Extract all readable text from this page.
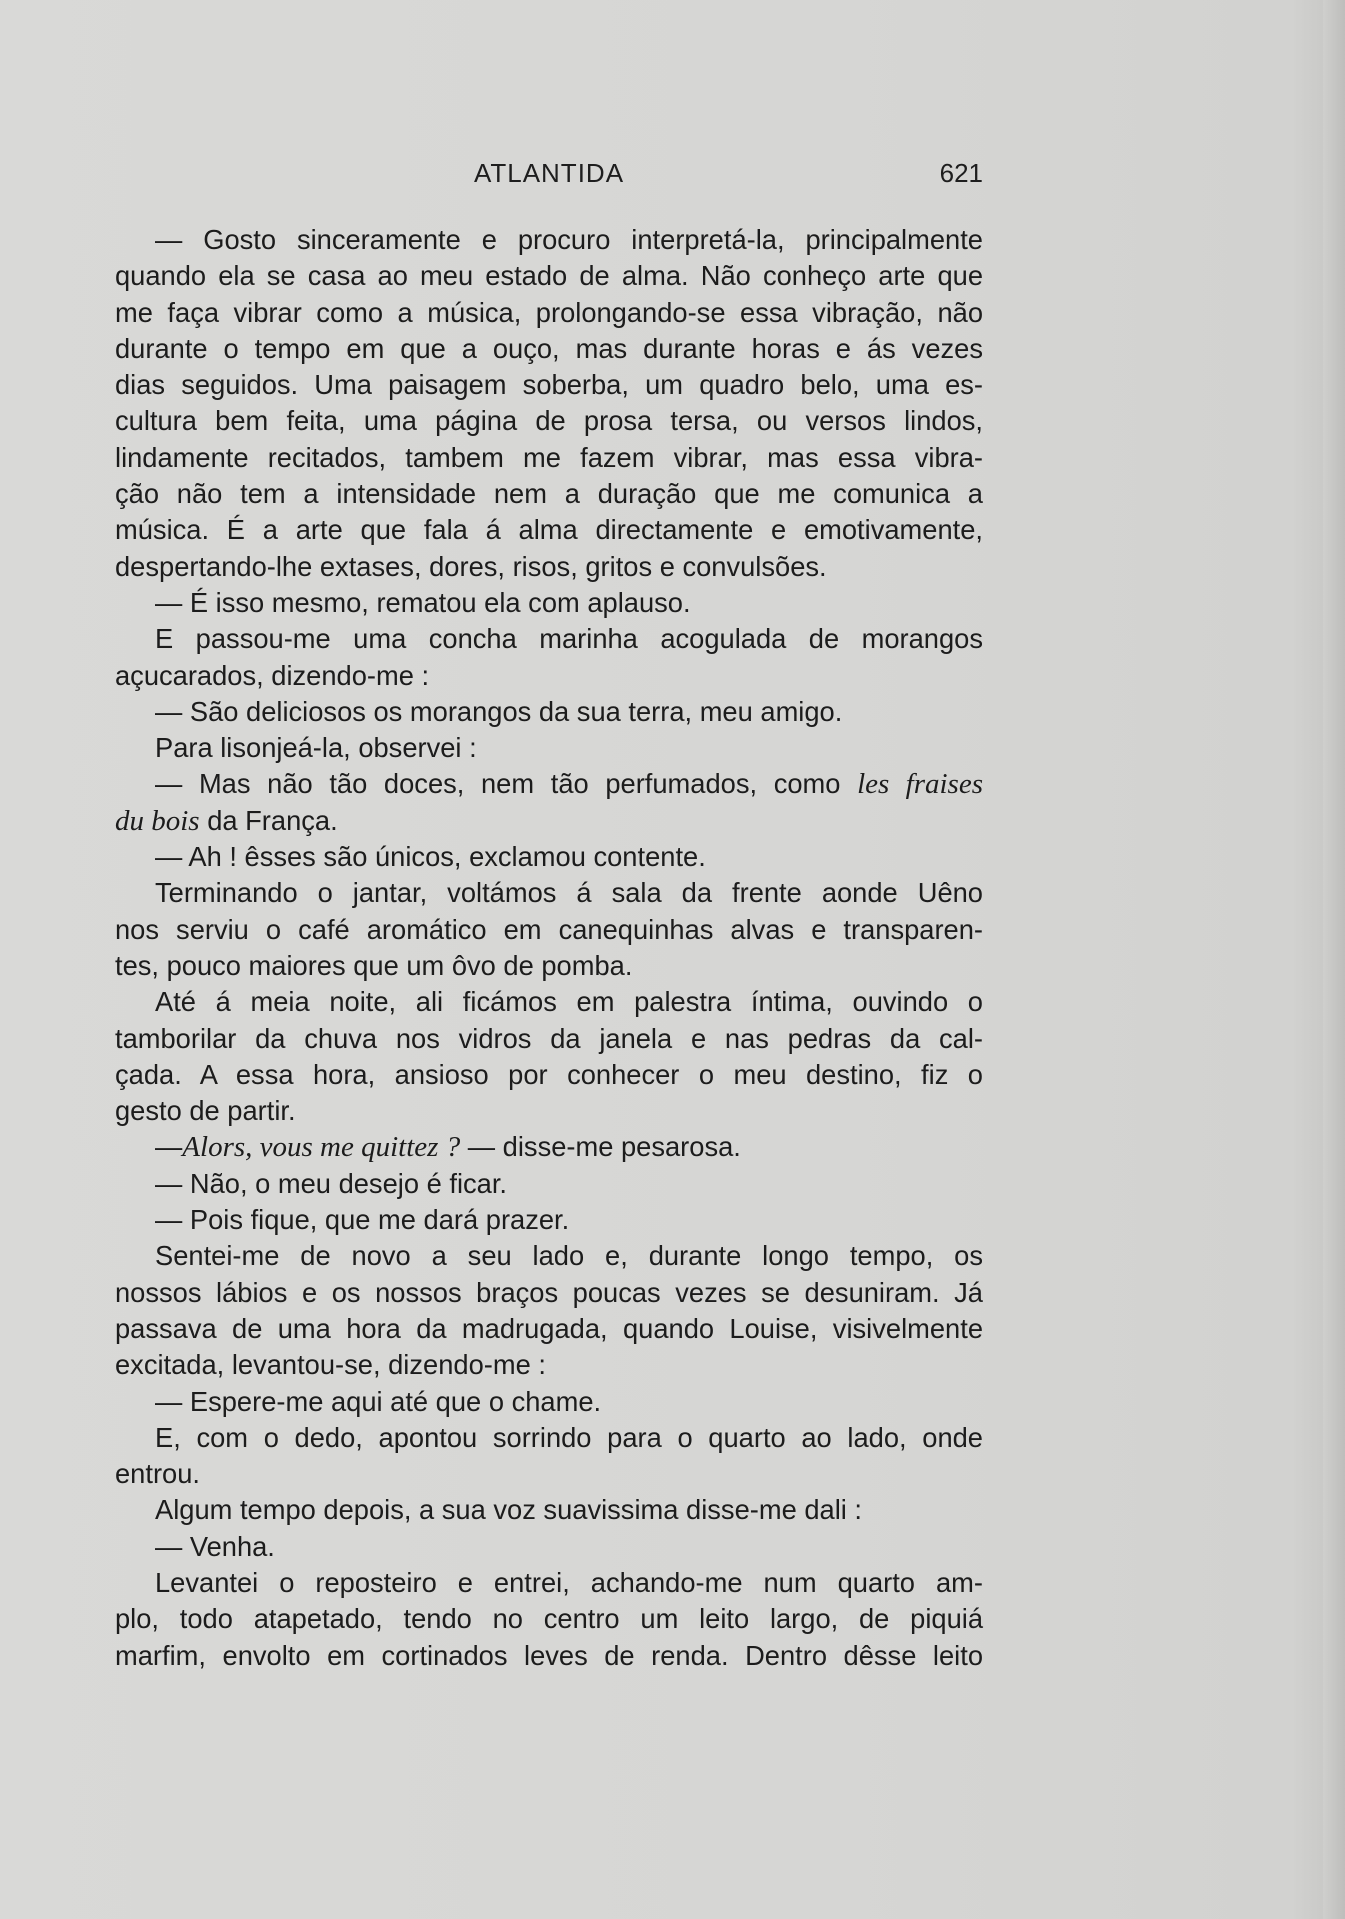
ATLANTIDA	621
— Gosto sinceramente e procuro interpretá-la, principalmente
quando ela se casa ao meu estado de alma. Não conheço arte que
me faça vibrar como a música, prolongando-se essa vibração, não
durante o tempo em que a ouço, mas durante horas e ás vezes
dias seguidos. Uma paisagem soberba, um quadro belo, uma es-
cultura bem feita, uma página de prosa tersa, ou versos lindos,
lindamente recitados, tambem me fazem vibrar, mas essa vibra-
ção não tem a intensidade nem a duração que me comunica a
música. É a arte que fala á alma directamente e emotivamente,
despertando-lhe extases, dores, risos, gritos e convulsões.
— É isso mesmo, rematou ela com aplauso.
E passou-me uma concha marinha acogulada de morangos
açucarados, dizendo-me :
— São deliciosos os morangos da sua terra, meu amigo.
Para lisonjeá-la, observei :
— Mas não tão doces, nem tão perfumados, como les fraises
du bois da França.
— Ah ! êsses são únicos, exclamou contente.
Terminando o jantar, voltámos á sala da frente aonde Uêno
nos serviu o café aromático em canequinhas alvas e transparen-
tes, pouco maiores que um ôvo de pomba.
Até á meia noite, ali ficámos em palestra íntima, ouvindo o
tamborilar da chuva nos vidros da janela e nas pedras da cal-
çada. A essa hora, ansioso por conhecer o meu destino, fiz o
gesto de partir.
—Alors, vous me quittez ? — disse-me pesarosa.
— Não, o meu desejo é ficar.
— Pois fique, que me dará prazer.
Sentei-me de novo a seu lado e, durante longo tempo, os
nossos lábios e os nossos braços poucas vezes se desuniram. Já
passava de uma hora da madrugada, quando Louise, visivelmente
excitada, levantou-se, dizendo-me :
— Espere-me aqui até que o chame.
E, com o dedo, apontou sorrindo para o quarto ao lado, onde
entrou.
Algum tempo depois, a sua voz suavissima disse-me dali :
— Venha.
Levantei o reposteiro e entrei, achando-me num quarto am-
plo, todo atapetado, tendo no centro um leito largo, de piquiá
marfim, envolto em cortinados leves de renda. Dentro dêsse leito
